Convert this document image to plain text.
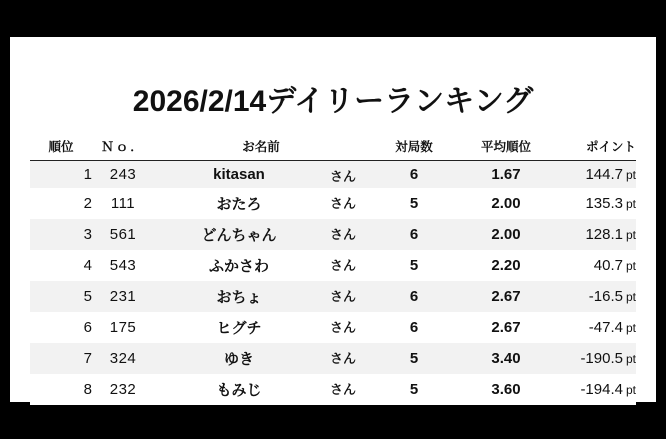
2026/2/14デイリーランキング
順位	Ｎｏ．	お名前	対局数	平均順位	ポイント
1	243	kitasan さん	6	1.67	144.7 pt
2	111	おたろ さん	5	2.00	135.3 pt
3	561	どんちゃん さん	6	2.00	128.1 pt
4	543	ふかさわ さん	5	2.20	40.7 pt
5	231	おちょ さん	6	2.67	-16.5 pt
6	175	ヒグチ さん	6	2.67	-47.4 pt
7	324	ゆき さん	5	3.40	-190.5 pt
8	232	もみじ さん	5	3.60	-194.4 pt
